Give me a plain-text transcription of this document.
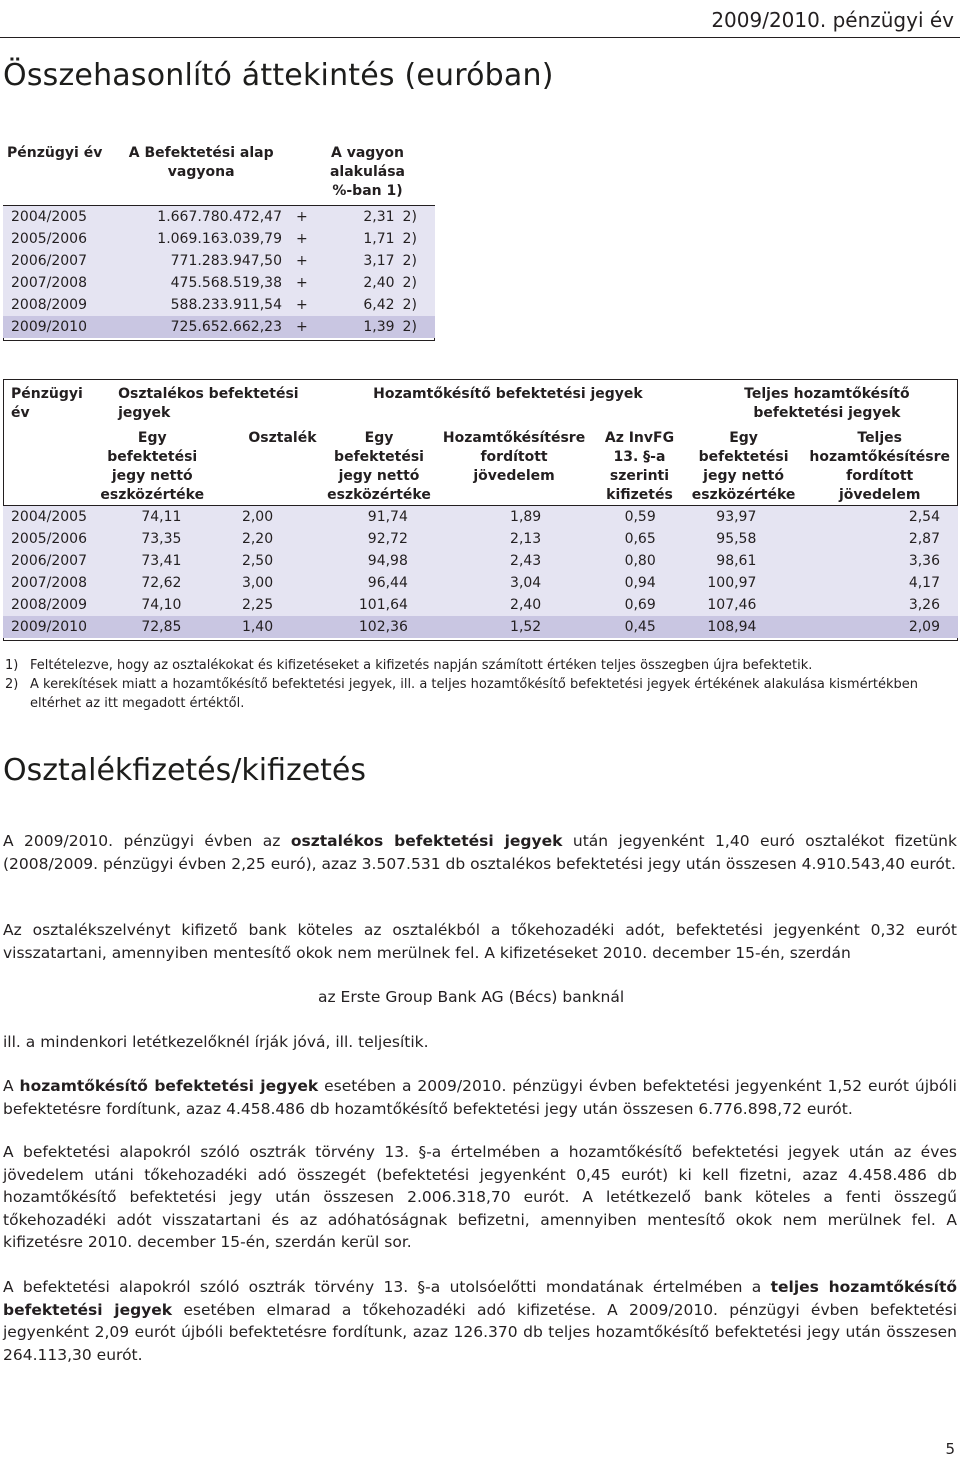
2009/2010. pénzügyi év
Összehasonlító áttekintés (euróban)
Pénzügyi év	A Befektetési alap vagyona	A vagyon alakulása %-ban 1)		

2004/2005	1.667.780.472,47	+	2,31	2)
2005/2006	1.069.163.039,79	+	1,71	2)
2006/2007	771.283.947,50	+	3,17	2)
2007/2008	475.568.519,38	+	2,40	2)
2008/2009	588.233.911,54	+	6,42	2)
2009/2010	725.652.662,23	+	1,39	2)
Pénzügyi év	Osztalékos befektetési jegyek		Hozamtőkésítő befektetési jegyek			Teljes hozamtőkésítő befektetési jegyek	
	Egy befektetési jegy nettó eszközértéke	Osztalék	Egy befektetési jegy nettó eszközértéke	Hozamtőkésítésre fordított jövedelem	Az InvFG 13. §-a szerinti kifizetés	Egy befektetési jegy nettó eszközértéke	Teljes hozamtőkésítésre fordított jövedelem

2004/2005	74,11	2,00	91,74	1,89	0,59	93,97	2,54
2005/2006	73,35	2,20	92,72	2,13	0,65	95,58	2,87
2006/2007	73,41	2,50	94,98	2,43	0,80	98,61	3,36
2007/2008	72,62	3,00	96,44	3,04	0,94	100,97	4,17
2008/2009	74,10	2,25	101,64	2,40	0,69	107,46	3,26
2009/2010	72,85	1,40	102,36	1,52	0,45	108,94	2,09
1) Feltételezve, hogy az osztalékokat és kifizetéseket a kifizetés napján számított értéken teljes összegben újra befektetik.
2) A kerekítések miatt a hozamtőkésítő befektetési jegyek, ill. a teljes hozamtőkésítő befektetési jegyek értékének alakulása kismértékben eltérhet az itt megadott értéktől.
Osztalékfizetés/kifizetés
A 2009/2010. pénzügyi évben az osztalékos befektetési jegyek után jegyenként 1,40 euró osztalékot fizetünk (2008/2009. pénzügyi évben 2,25 euró), azaz 3.507.531 db osztalékos befektetési jegy után összesen 4.910.543,40 eurót.
Az osztalékszelvényt kifizető bank köteles az osztalékból a tőkehozadéki adót, befektetési jegyenként 0,32 eurót visszatartani, amennyiben mentesítő okok nem merülnek fel. A kifizetéseket 2010. december 15-én, szerdán
az Erste Group Bank AG (Bécs) banknál
ill. a mindenkori letétkezelőknél írják jóvá, ill. teljesítik.
A hozamtőkésítő befektetési jegyek esetében a 2009/2010. pénzügyi évben befektetési jegyenként 1,52 eurót újbóli befektetésre fordítunk, azaz 4.458.486 db hozamtőkésítő befektetési jegy után összesen 6.776.898,72 eurót.
A befektetési alapokról szóló osztrák törvény 13. §-a értelmében a hozamtőkésítő befektetési jegyek után az éves jövedelem utáni tőkehozadéki adó összegét (befektetési jegyenként 0,45 eurót) ki kell fizetni, azaz 4.458.486 db hozamtőkésítő befektetési jegy után összesen 2.006.318,70 eurót. A letétkezelő bank köteles a fenti összegű tőkehozadéki adót visszatartani és az adóhatóságnak befizetni, amennyiben mentesítő okok nem merülnek fel. A kifizetésre 2010. december 15-én, szerdán kerül sor.
A befektetési alapokról szóló osztrák törvény 13. §-a utolsóelőtti mondatának értelmében a teljes hozamtőkésítő befektetési jegyek esetében elmarad a tőkehozadéki adó kifizetése. A 2009/2010. pénzügyi évben befektetési jegyenként 2,09 eurót újbóli befektetésre fordítunk, azaz 126.370 db teljes hozamtőkésítő befektetési jegy után összesen 264.113,30 eurót.
5
